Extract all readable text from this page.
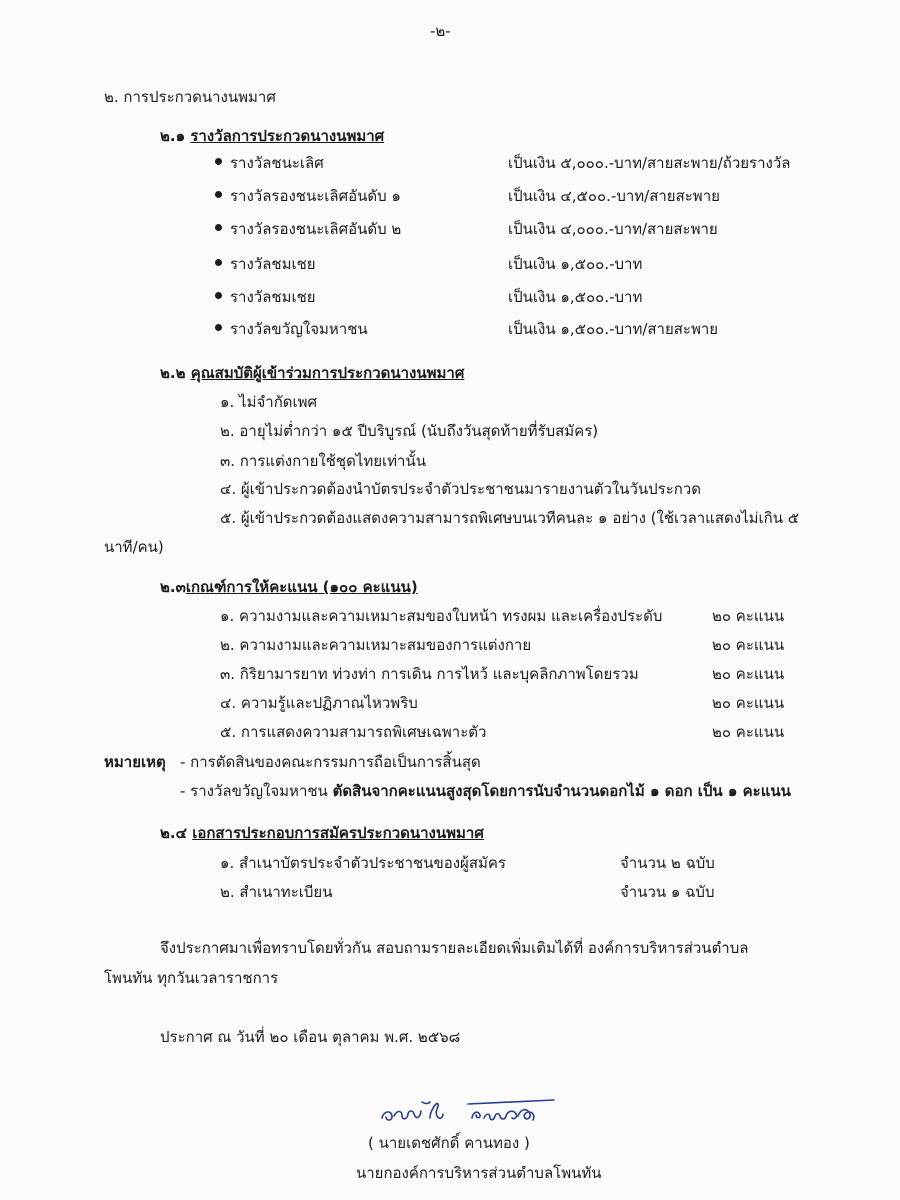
-๒-
๒. การประกวดนางนพมาศ
๒.๑ รางวัลการประกวดนางนพมาศ
รางวัลชนะเลิศ	เป็นเงิน ๕,๐๐๐.-บาท/สายสะพาย/ถ้วยรางวัล
รางวัลรองชนะเลิศอันดับ ๑	เป็นเงิน ๔,๕๐๐.-บาท/สายสะพาย
รางวัลรองชนะเลิศอันดับ ๒	เป็นเงิน ๔,๐๐๐.-บาท/สายสะพาย
รางวัลชมเชย	เป็นเงิน ๑,๕๐๐.-บาท
รางวัลชมเชย	เป็นเงิน ๑,๕๐๐.-บาท
รางวัลขวัญใจมหาชน	เป็นเงิน ๑,๕๐๐.-บาท/สายสะพาย
๒.๒ คุณสมบัติผู้เข้าร่วมการประกวดนางนพมาศ
๑. ไม่จำกัดเพศ
๒. อายุไม่ต่ำกว่า ๑๕ ปีบริบูรณ์ (นับถึงวันสุดท้ายที่รับสมัคร)
๓. การแต่งกายใช้ชุดไทยเท่านั้น
๔. ผู้เข้าประกวดต้องนำบัตรประจำตัวประชาชนมารายงานตัวในวันประกวด
๕. ผู้เข้าประกวดต้องแสดงความสามารถพิเศษบนเวทีคนละ ๑ อย่าง (ใช้เวลาแสดงไม่เกิน ๕
นาที/คน)
๒.๓เกณฑ์การให้คะแนน (๑๐๐ คะแนน)
๑. ความงามและความเหมาะสมของใบหน้า ทรงผม และเครื่องประดับ	๒๐ คะแนน
๒. ความงามและความเหมาะสมของการแต่งกาย	๒๐ คะแนน
๓. กิริยามารยาท ท่วงท่า การเดิน การไหว้ และบุคลิกภาพโดยรวม	๒๐ คะแนน
๔. ความรู้และปฏิภาณไหวพริบ	๒๐ คะแนน
๕. การแสดงความสามารถพิเศษเฉพาะตัว	๒๐ คะแนน
หมายเหตุ - การตัดสินของคณะกรรมการถือเป็นการสิ้นสุด
- รางวัลขวัญใจมหาชน ตัดสินจากคะแนนสูงสุดโดยการนับจำนวนดอกไม้ ๑ ดอก เป็น ๑ คะแนน
๒.๔ เอกสารประกอบการสมัครประกวดนางนพมาศ
๑. สำเนาบัตรประจำตัวประชาชนของผู้สมัคร	จำนวน ๒ ฉบับ
๒. สำเนาทะเบียน	จำนวน ๑ ฉบับ
จึงประกาศมาเพื่อทราบโดยทั่วกัน สอบถามรายละเอียดเพิ่มเติมได้ที่ องค์การบริหารส่วนตำบล
โพนทัน ทุกวันเวลาราชการ
ประกาศ ณ วันที่ ๒๐ เดือน ตุลาคม พ.ศ. ๒๕๖๘
( นายเดชศักดิ์ คานทอง )
นายกองค์การบริหารส่วนตำบลโพนทัน
